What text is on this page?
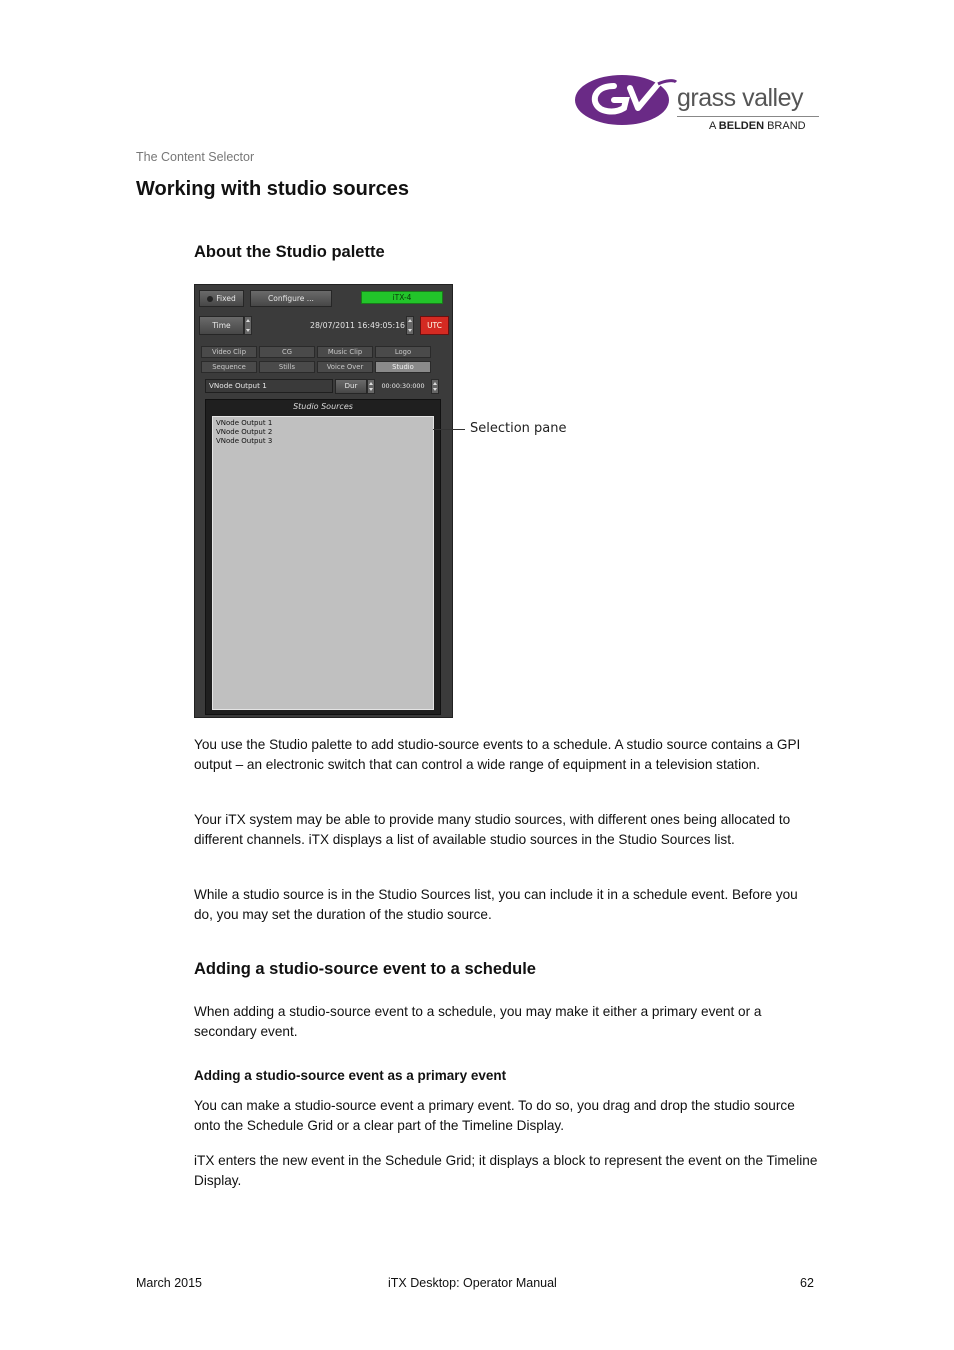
grass valley
A BELDEN BRAND
The Content Selector
Working with studio sources
About the Studio palette
Fixed	Configure ...	iTX-4
Time	28/07/2011 16:49:05:16	UTC
Video Clip	CG	Music Clip	Logo
Sequence	Stills	Voice Over	Studio
VNode Output 1	Dur	00:00:30:000
Studio Sources
VNode Output 1
VNode Output 2
VNode Output 3
Selection pane
You use the Studio palette to add studio-source events to a schedule. A studio source contains a GPI output – an electronic switch that can control a wide range of equipment in a television station.
Your iTX system may be able to provide many studio sources, with different ones being allocated to different channels. iTX displays a list of available studio sources in the Studio Sources list.
While a studio source is in the Studio Sources list, you can include it in a schedule event. Before you do, you may set the duration of the studio source.
Adding a studio-source event to a schedule
When adding a studio-source event to a schedule, you may make it either a primary event or a secondary event.
Adding a studio-source event as a primary event
You can make a studio-source event a primary event. To do so, you drag and drop the studio source onto the Schedule Grid or a clear part of the Timeline Display.
iTX enters the new event in the Schedule Grid; it displays a block to represent the event on the Timeline Display.
March 2015	iTX Desktop: Operator Manual	62
